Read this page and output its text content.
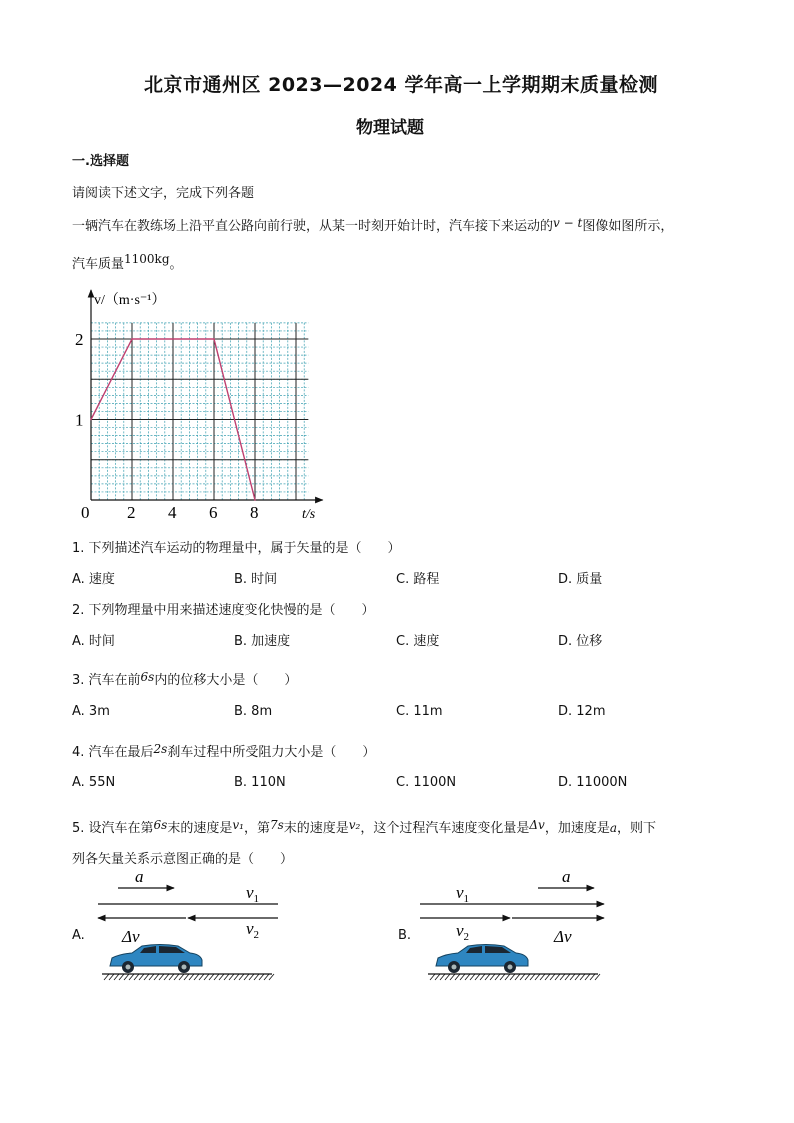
北京市通州区 2023—2024 学年高一上学期期末质量检测
物理试题
一.选择题
请阅读下述文字，完成下列各题
一辆汽车在教练场上沿平直公路向前行驶，从某一时刻开始计时，汽车接下来运动的v − t图像如图所示，
汽车质量1100kg。
0 2 4 6 8
1
2
v/（m·s⁻¹）
t/s
1. 下列描述汽车运动的物理量中，属于矢量的是（　　）
A. 速度	B. 时间	C. 路程	D. 质量
2. 下列物理量中用来描述速度变化快慢的是（　　）
A. 时间	B. 加速度	C. 速度	D. 位移
3. 汽车在前6s内的位移大小是（　　）
A. 3m	B. 8m	C. 11m	D. 12m
4. 汽车在最后2s刹车过程中所受阻力大小是（　　）
A. 55N	B. 110N	C. 1100N	D. 11000N
5. 设汽车在第6s末的速度是v₁，第7s末的速度是v₂，这个过程汽车速度变化量是Δv，加速度是a，则下
列各矢量关系示意图正确的是（　　）
A.
a
Δv
$v_1$
$v_2$	B.
a
$v_1$
$v_2$	Δv
